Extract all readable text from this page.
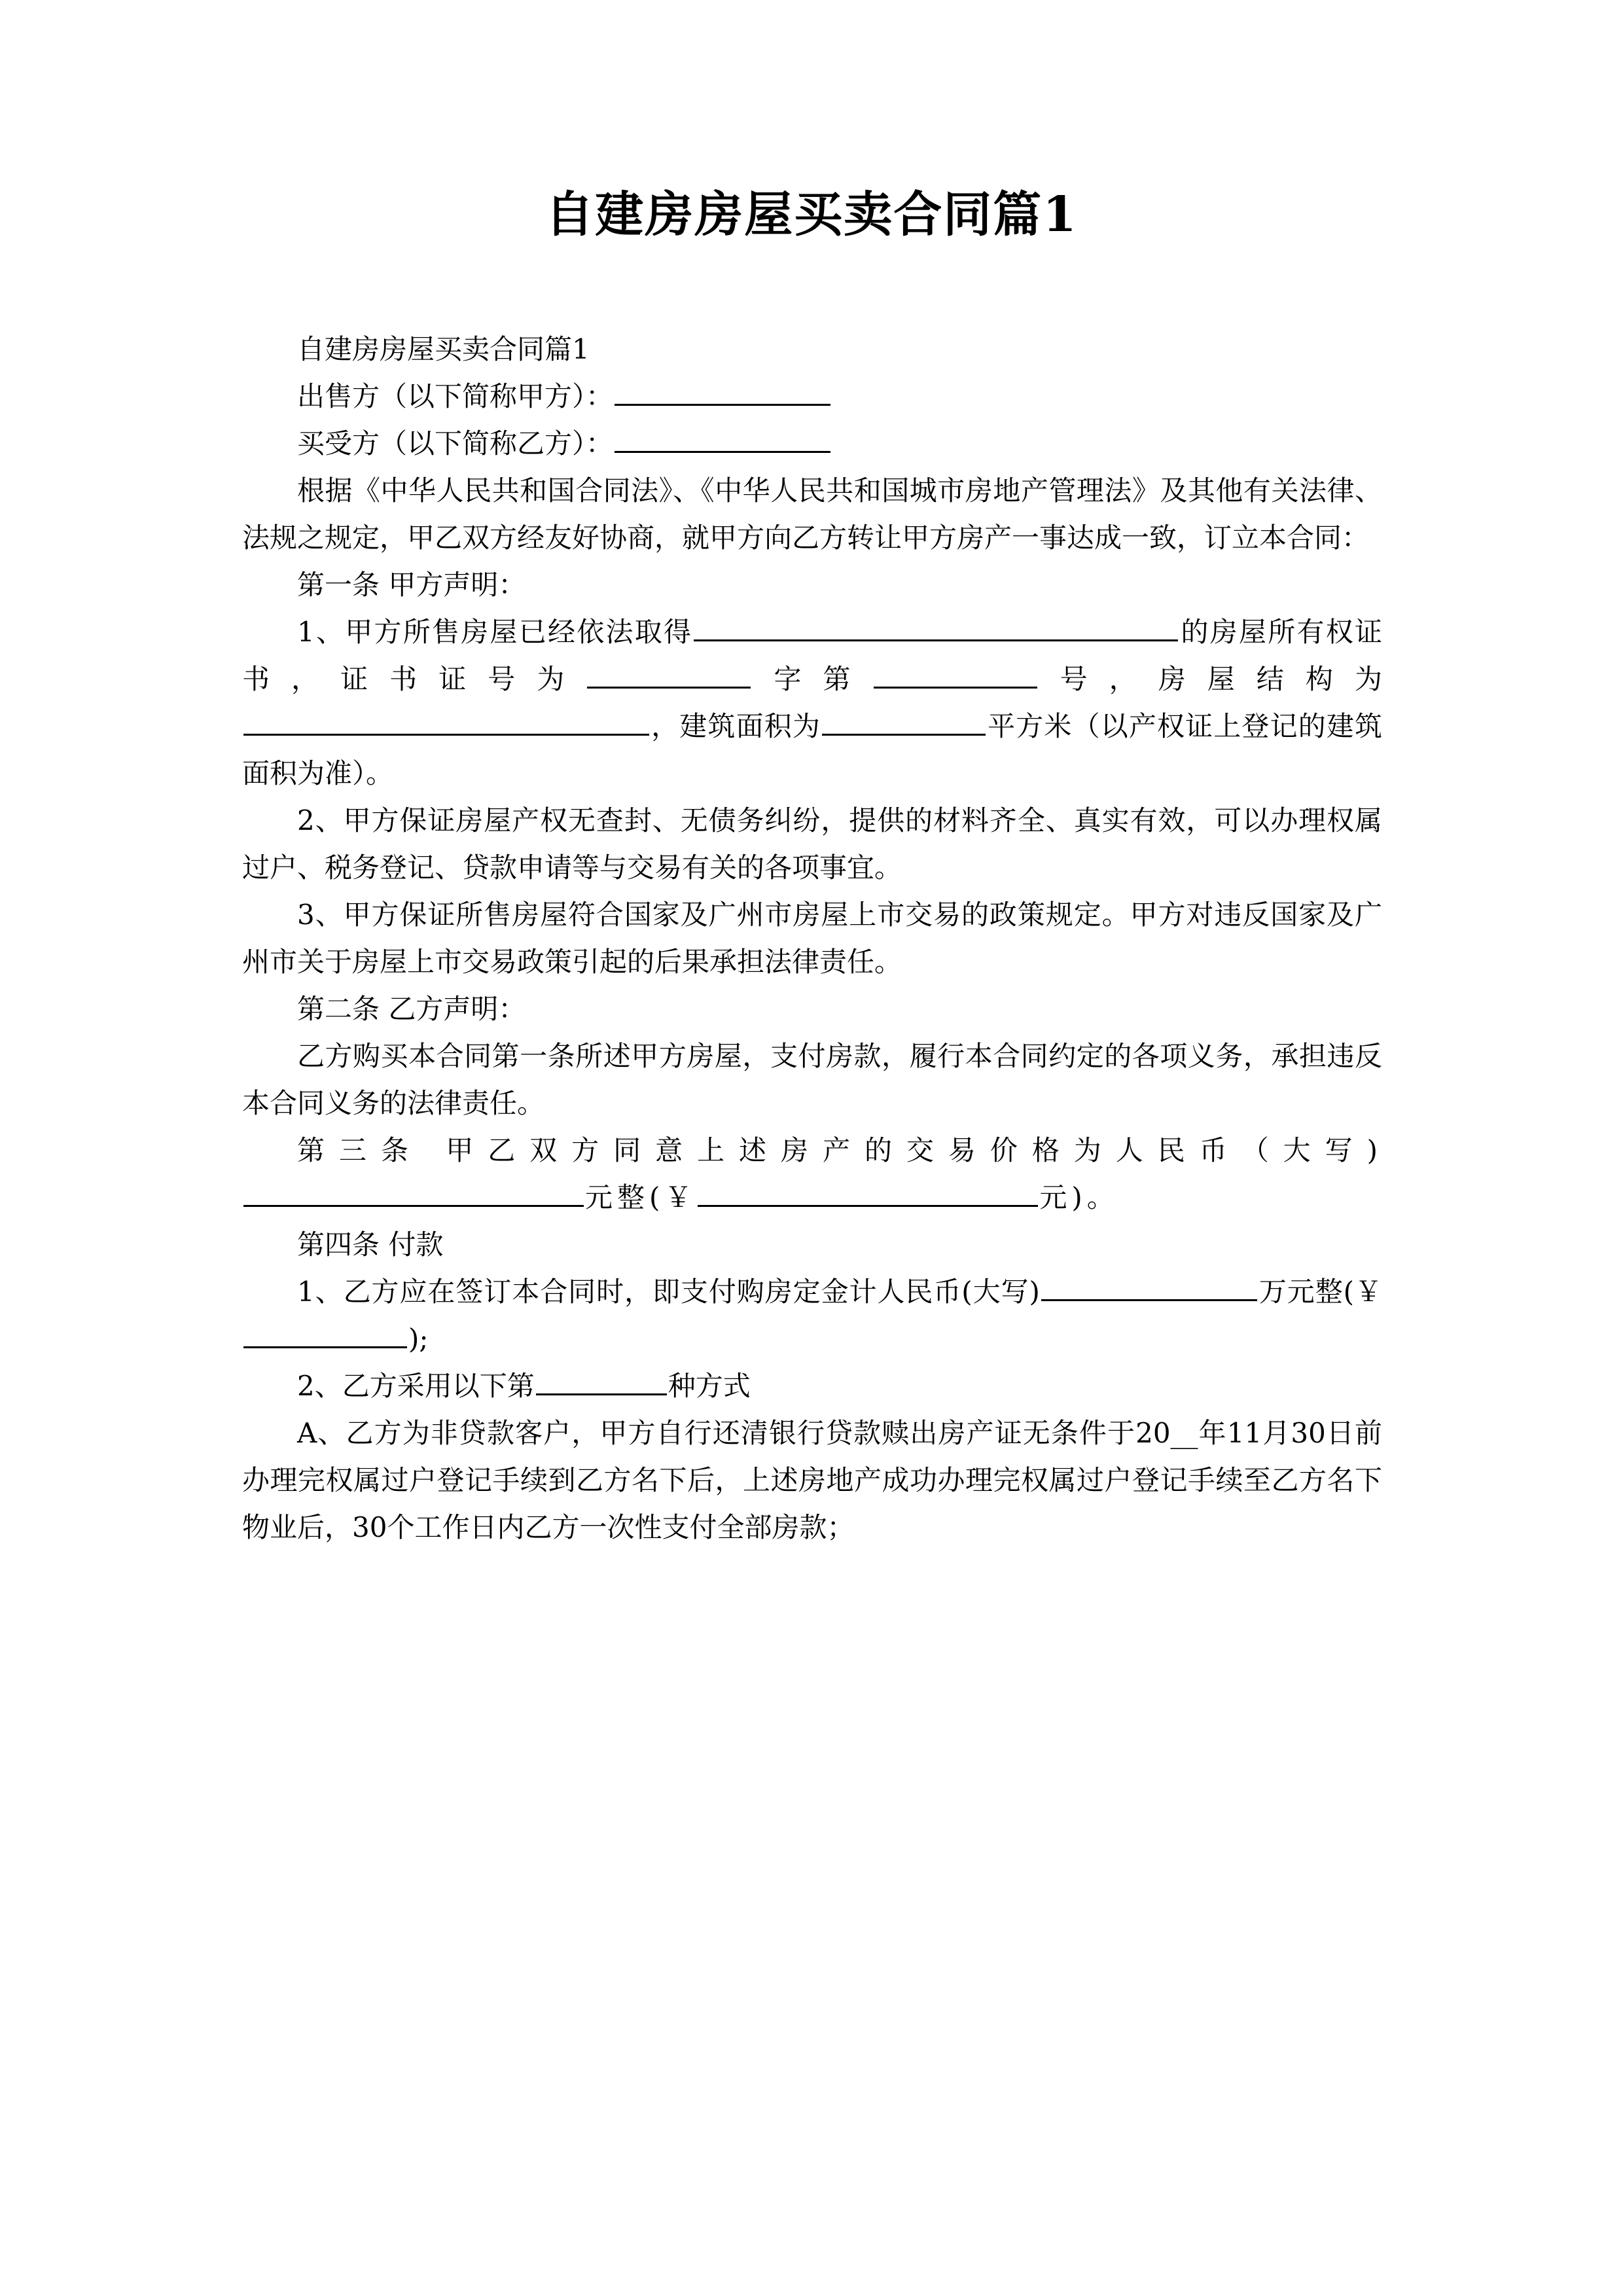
自建房房屋买卖合同篇1

自建房房屋买卖合同篇1

出售方（以下简称甲方）：

买受方（以下简称乙方）：

根据《中华人民共和国合同法》、《中华人民共和国城市房地产管理法》及其他有关法律、法规之规定，甲乙双方经友好协商，就甲方向乙方转让甲方房产一事达成一致，订立本合同：

第一条 甲方声明：

1、甲方所售房屋已经依法取得	的房屋所有权证书，证书证号为	字第	号，房屋结构为，建筑面积为	平方米（以产权证上登记的建筑面积为准）。

2、甲方保证房屋产权无查封、无债务纠纷，提供的材料齐全、真实有效，可以办理权属过户、税务登记、贷款申请等与交易有关的各项事宜。

3、甲方保证所售房屋符合国家及广州市房屋上市交易的政策规定。甲方对违反国家及广州市关于房屋上市交易政策引起的后果承担法律责任。

第二条 乙方声明：

乙方购买本合同第一条所述甲方房屋，支付房款，履行本合同约定的各项义务，承担违反本合同义务的法律责任。

第三条 甲乙双方同意上述房产的交易价格为人民币（大写)元整(￥	元)。

第四条 付款

1、乙方应在签订本合同时，即支付购房定金计人民币(大写)	万元整(￥);

2、乙方采用以下第	种方式

A、乙方为非贷款客户，甲方自行还清银行贷款赎出房产证无条件于20__年11月30日前办理完权属过户登记手续到乙方名下后，上述房地产成功办理完权属过户登记手续至乙方名下物业后，30个工作日内乙方一次性支付全部房款；
